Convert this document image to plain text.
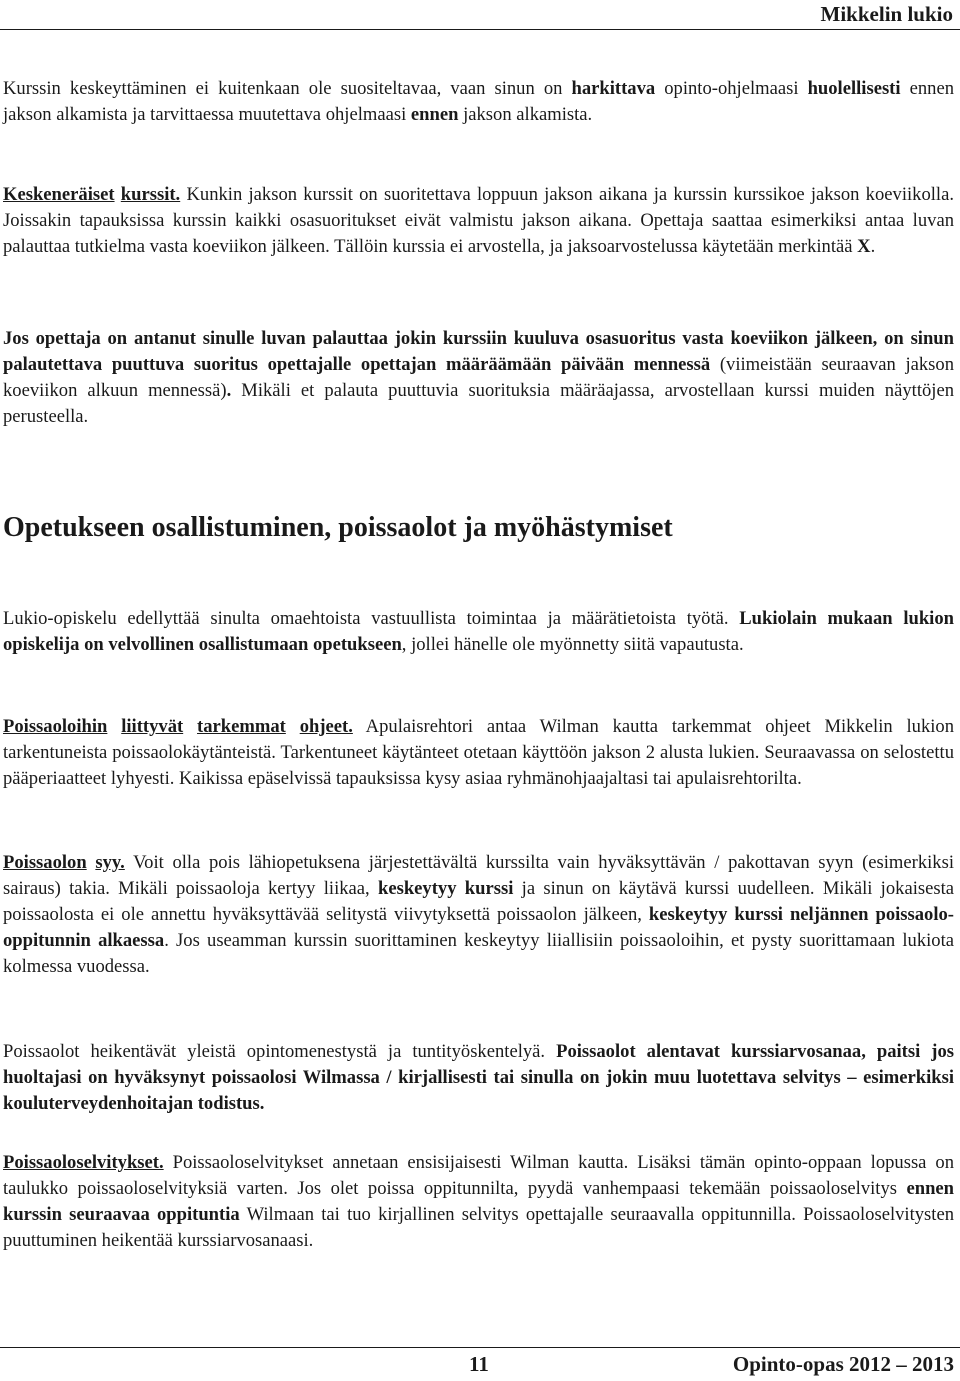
Mikkelin lukio
Kurssin keskeyttäminen ei kuitenkaan ole suositeltavaa, vaan sinun on harkittava opinto-ohjelmaasi huolellisesti ennen jakson alkamista ja tarvittaessa muutettava ohjelmaasi ennen jakson alkamista.
Keskeneräiset kurssit. Kunkin jakson kurssit on suoritettava loppuun jakson aikana ja kurssin kurssikoe jakson koeviikolla. Joissakin tapauksissa kurssin kaikki osasuoritukset eivät valmistu jakson aikana. Opettaja saattaa esimerkiksi antaa luvan palauttaa tutkielma vasta koeviikon jälkeen. Tällöin kurssia ei arvostella, ja jaksoarvostelussa käytetään merkintää X.
Jos opettaja on antanut sinulle luvan palauttaa jokin kurssiin kuuluva osasuoritus vasta koeviikon jälkeen, on sinun palautettava puuttuva suoritus opettajalle opettajan määräämään päivään mennessä (viimeistään seuraavan jakson koeviikon alkuun mennessä). Mikäli et palauta puuttuvia suorituksia määräajassa, arvostellaan kurssi muiden näyttöjen perusteella.
Opetukseen osallistuminen, poissaolot ja myöhästymiset
Lukio-opiskelu edellyttää sinulta omaehtoista vastuullista toimintaa ja määrätietoista työtä. Lukiolain mukaan lukion opiskelija on velvollinen osallistumaan opetukseen, jollei hänelle ole myönnetty siitä vapautusta.
Poissaoloihin liittyvät tarkemmat ohjeet. Apulaisrehtori antaa Wilman kautta tarkemmat ohjeet Mikkelin lukion tarkentuneista poissaolokäytänteistä. Tarkentuneet käytänteet otetaan käyttöön jakson 2 alusta lukien. Seuraavassa on selostettu pääperiaatteet lyhyesti. Kaikissa epäselvissä tapauksissa kysy asiaa ryhmänohjaajaltasi tai apulaisrehtorilta.
Poissaolon syy. Voit olla pois lähiopetuksena järjestettävältä kurssilta vain hyväksyttävän / pakottavan syyn (esimerkiksi sairaus) takia. Mikäli poissaoloja kertyy liikaa, keskeytyy kurssi ja sinun on käytävä kurssi uudelleen. Mikäli jokaisesta poissaolosta ei ole annettu hyväksyttävää selitystä viivytyksettä poissaolon jälkeen, keskeytyy kurssi neljännen poissaolo-oppitunnin alkaessa. Jos useamman kurssin suorittaminen keskeytyy liiallisiin poissaoloihin, et pysty suorittamaan lukiota kolmessa vuodessa.
Poissaolot heikentävät yleistä opintomenestystä ja tuntityöskentelyä. Poissaolot alentavat kurssiarvosanaa, paitsi jos huoltajasi on hyväksynyt poissaolosi Wilmassa / kirjallisesti tai sinulla on jokin muu luotettava selvitys – esimerkiksi kouluterveydenhoitajan todistus.
Poissaoloselvitykset. Poissaoloselvitykset annetaan ensisijaisesti Wilman kautta. Lisäksi tämän opinto-oppaan lopussa on taulukko poissaoloselvityksiä varten. Jos olet poissa oppitunnilta, pyydä vanhempaasi tekemään poissaoloselvitys ennen kurssin seuraavaa oppituntia Wilmaan tai tuo kirjallinen selvitys opettajalle seuraavalla oppitunnilla. Poissaoloselvitysten puuttuminen heikentää kurssiarvosanaasi.
11	Opinto-opas 2012 – 2013
